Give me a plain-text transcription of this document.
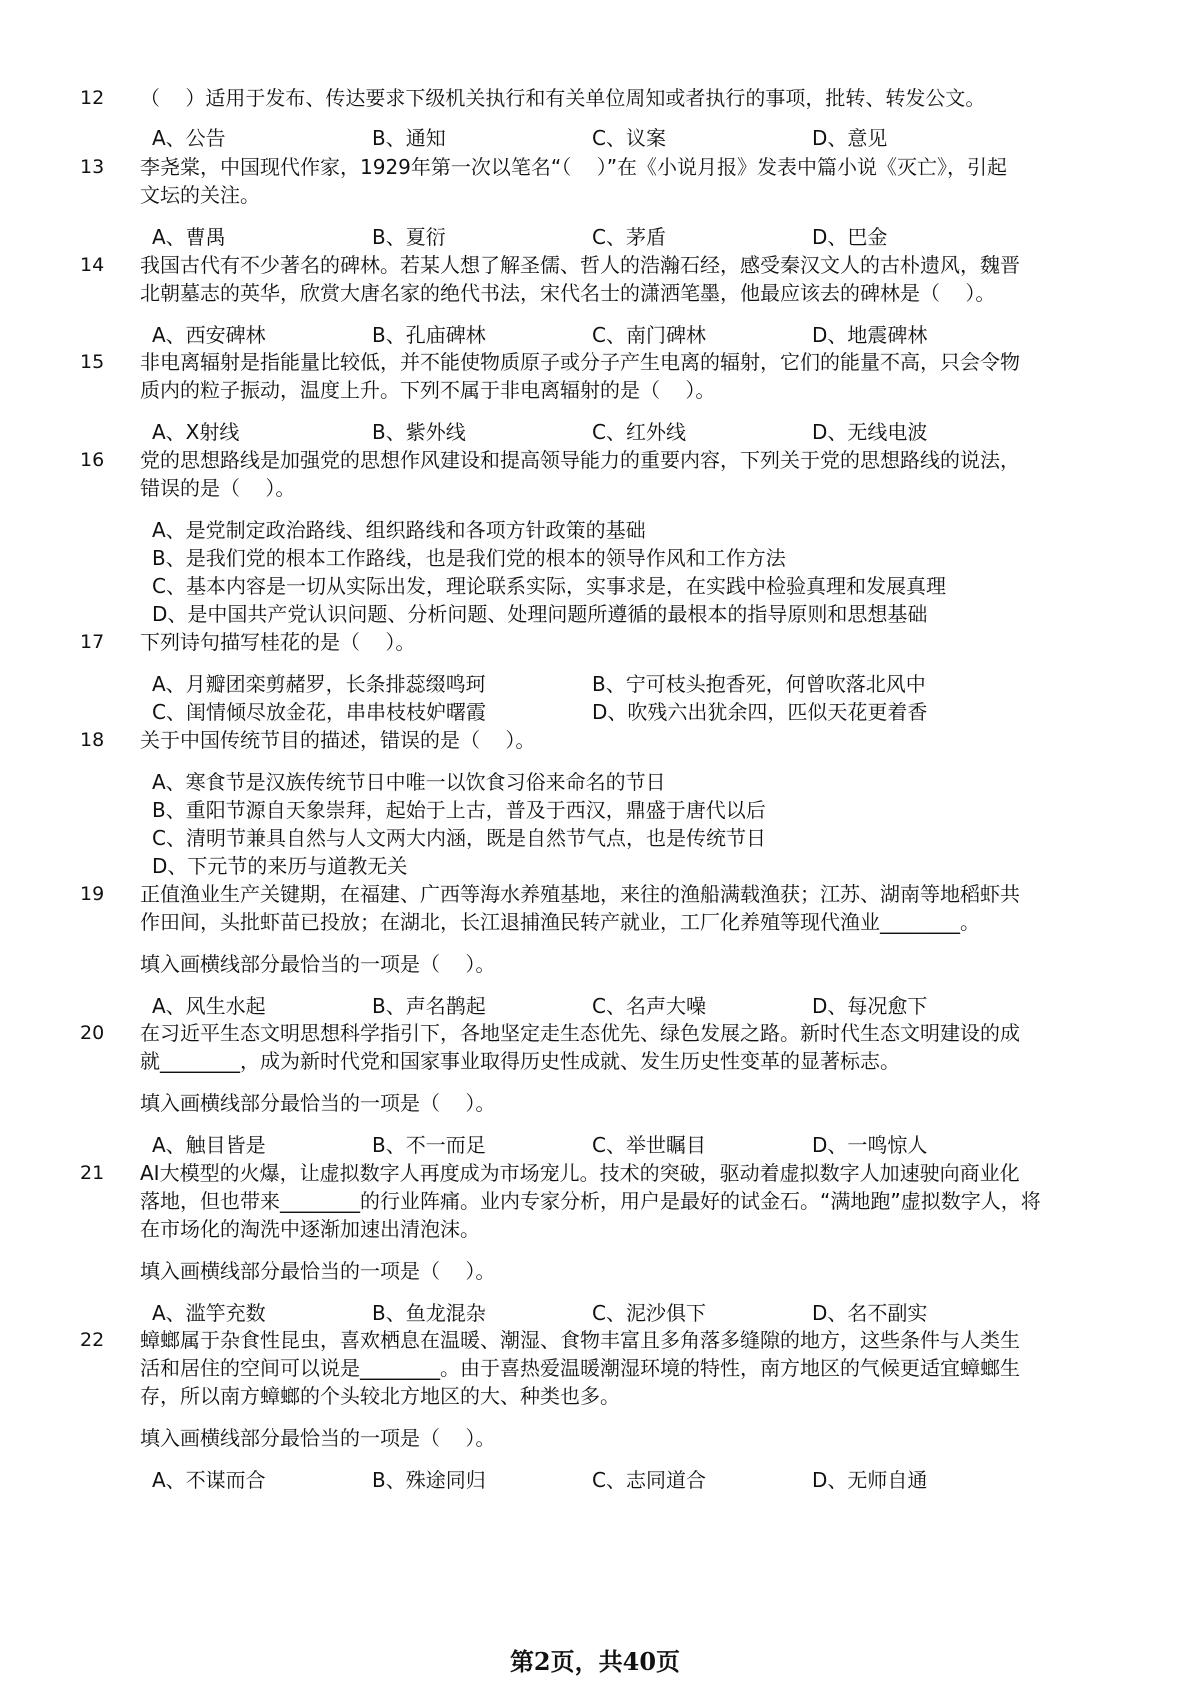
12 （    ）适用于发布、传达要求下级机关执行和有关单位周知或者执行的事项，批转、转发公文。
A、公告	B、通知	C、议案	D、意见
13 李尧棠，中国现代作家，1929年第一次以笔名“（    ）”在《小说月报》发表中篇小说《灭亡》，引起
文坛的关注。
A、曹禺	B、夏衍	C、茅盾	D、巴金
14 我国古代有不少著名的碑林。若某人想了解圣儒、哲人的浩瀚石经，感受秦汉文人的古朴遗风，魏晋
北朝墓志的英华，欣赏大唐名家的绝代书法，宋代名士的潇洒笔墨，他最应该去的碑林是（    ）。
A、西安碑林	B、孔庙碑林	C、南门碑林	D、地震碑林
15 非电离辐射是指能量比较低，并不能使物质原子或分子产生电离的辐射，它们的能量不高，只会令物
质内的粒子振动，温度上升。下列不属于非电离辐射的是（    ）。
A、X射线	B、紫外线	C、红外线	D、无线电波
16 党的思想路线是加强党的思想作风建设和提高领导能力的重要内容，下列关于党的思想路线的说法，
错误的是（    ）。
A、是党制定政治路线、组织路线和各项方针政策的基础
B、是我们党的根本工作路线，也是我们党的根本的领导作风和工作方法
C、基本内容是一切从实际出发，理论联系实际，实事求是，在实践中检验真理和发展真理
D、是中国共产党认识问题、分析问题、处理问题所遵循的最根本的指导原则和思想基础
17 下列诗句描写桂花的是（    ）。
A、月瓣团栾剪赭罗，长条排蕊缀鸣珂	B、宁可枝头抱香死，何曾吹落北风中
C、闺情倾尽放金花，串串枝枝妒曙霞	D、吹残六出犹余四，匹似天花更着香
18 关于中国传统节目的描述，错误的是（    ）。
A、寒食节是汉族传统节日中唯一以饮食习俗来命名的节日
B、重阳节源自天象崇拜，起始于上古，普及于西汉，鼎盛于唐代以后
C、清明节兼具自然与人文两大内涵，既是自然节气点，也是传统节日
D、下元节的来历与道教无关
19 正值渔业生产关键期，在福建、广西等海水养殖基地，来往的渔船满载渔获；江苏、湖南等地稻虾共
作田间，头批虾苗已投放；在湖北，长江退捕渔民转产就业，工厂化养殖等现代渔业________。
填入画横线部分最恰当的一项是（    ）。
A、风生水起	B、声名鹊起	C、名声大噪	D、每况愈下
20 在习近平生态文明思想科学指引下，各地坚定走生态优先、绿色发展之路。新时代生态文明建设的成
就________，成为新时代党和国家事业取得历史性成就、发生历史性变革的显著标志。
填入画横线部分最恰当的一项是（    ）。
A、触目皆是	B、不一而足	C、举世瞩目	D、一鸣惊人
21 AI大模型的火爆，让虚拟数字人再度成为市场宠儿。技术的突破，驱动着虚拟数字人加速驶向商业化
落地，但也带来________的行业阵痛。业内专家分析，用户是最好的试金石。“满地跑”虚拟数字人，将
在市场化的淘洗中逐渐加速出清泡沫。
填入画横线部分最恰当的一项是（    ）。
A、滥竽充数	B、鱼龙混杂	C、泥沙俱下	D、名不副实
22 蟑螂属于杂食性昆虫，喜欢栖息在温暖、潮湿、食物丰富且多角落多缝隙的地方，这些条件与人类生
活和居住的空间可以说是________。由于喜热爱温暖潮湿环境的特性，南方地区的气候更适宜蟑螂生
存，所以南方蟑螂的个头较北方地区的大、种类也多。
填入画横线部分最恰当的一项是（    ）。
A、不谋而合	B、殊途同归	C、志同道合	D、无师自通
第2页，共40页
